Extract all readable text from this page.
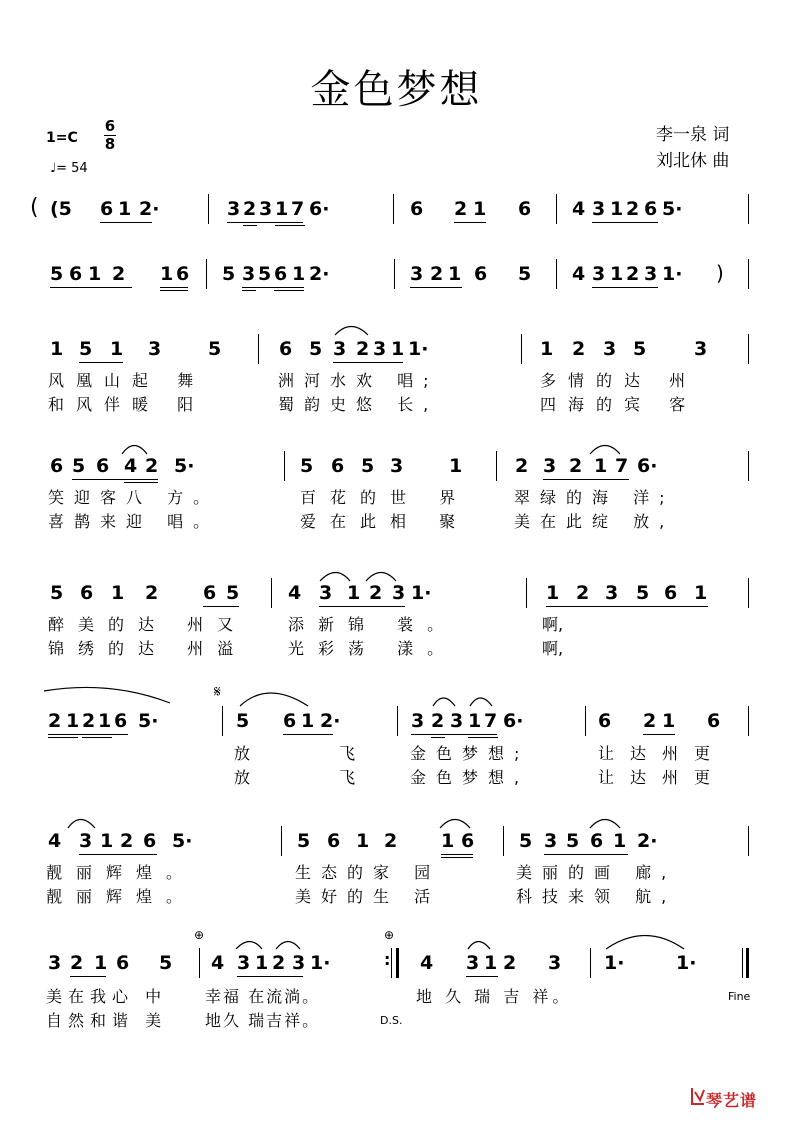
金色梦想
1=C
6
8
♩= 54
李一泉 词
刘北休 曲
( (5 6 1 2·	3 2 3 1 7 6·	6 2 1 6 4 3 1 2 6 5·
5 6 1 2 1 6 5 3 5 6 1 2·	3 2 1 6 5 4 3 1 2 3 1· )
1 5 1 3 5	6 5 3 2 3 1 1·	1 2 3 5	3
风凰山起 舞	洲河水欢 唱;	多情的达 州
和风伴暖 阳	蜀韵史悠 长,	四海的宾 客
6 5 6 4 2 5·	5 6 5 3 1	2 3 2 1 7 6·
笑迎客八 方。	百花的世 界	翠绿的海 洋;
喜鹊来迎 唱。	爱在此相 聚	美在此绽 放,
5 6 1 2 6 5	4 3 1 2 3 1·	1 2 3 5 6 1
醉美的达 州又	添新锦 裳。	啊,
锦绣的达 州溢	光彩荡 漾。	啊,
𝄋
2 1 2 1 6 5·	5 6 1 2·	3 2 3 1 7 6·	6 2 1 6
放 飞 金色梦想;	让达州更
放 飞 金色梦想,	让达州更
4 3 1 2 6 5·	5 6 1 2 1 6 5 3 5 6 1 2·
靓丽辉煌。	生态的家 园	美丽的画 廊,
靓丽辉煌。	美好的生 活	科技来领 航,
⊕	⊕
3 2 1 6 5 4 3 1 2 3 1·	: 4 3 1 2 3 1·	1·
美在我心 中 幸福 在流淌。	地 久 瑞 吉 祥。
自然和谐 美 地久 瑞吉祥。
Fine
D.S.
琴艺谱
